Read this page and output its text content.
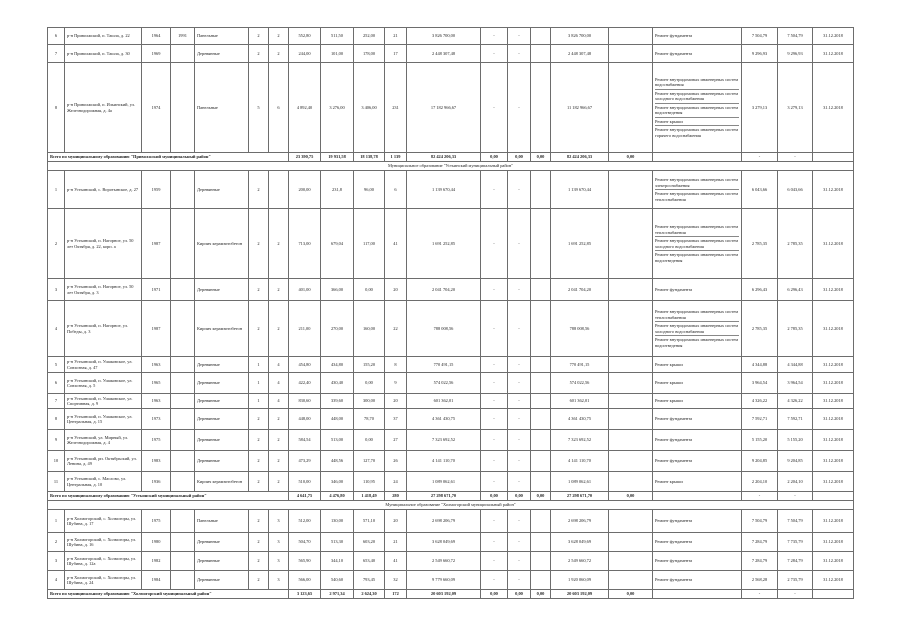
6	р-н Приволжский, п. Ташла, д. 22	1964	1991	Панельные	2	2	552,80	511,50	252,00	21	3 826 700,00	-	-		3 826 700,00		Ремонт фундамента	7 504,79	7 504,79	31.12.2018
7	р-н Приволжский, п. Ташла, д. 30	1969		Деревянные	2	2	244,00	101,00	178,00	17	2 448 307,48	-	-		2 448 307,48		Ремонт фундамента	9 296,93	9 296,93	31.12.2018
8	р-н Приволжский, п. Ильинский, ул. Железнодорожная, д. 4а	1974		Панельные	5	6	4 892,40	3 276,00	3 406,00	231	17 182 966,67	-	-		11 182 966,67		Ремонт внутридомовых инженерных систем водоснабжения
Ремонт внутридомовых инженерных систем холодного водоснабжения
Ремонт внутридомовых инженерных систем водоотведения
Ремонт крыши
Ремонт внутридомовых инженерных систем горячего водоснабжения	3 279,13	3 279,13	31.12.2018
Всего по муниципальному образованию "Приволжский муниципальный район"							23 390,75	19 931,58	18 138,78	1 139	82 424 206,33	0,00	0,00	0,00	82 424 206,33	0,00		-	-	
Муниципальное образование "Устьинский муниципальный район"																				
1	р-н Устьинский, с. Воротынское, д. 27	1959		Деревянные	2		200,00	231,8	96,00	6	1 139 670,44	-	-		1 139 670,44		Ремонт внутридомовых инженерных систем электроснабжения
Ремонт внутридомовых инженерных систем теплоснабжения	6 043,66	6 043,66	31.12.2018
2	р-н Устьинский, п. Нагорное, ул. 50 лет Октября, д. 22, корп. а	1987		Кирпич керамзитобетон	2	2	713,00	679,04	117,00	41	1 691 252,85	-	-		1 691 252,85		Ремонт внутридомовых инженерных систем теплоснабжения
Ремонт внутридомовых инженерных систем холодного водоснабжения
Ремонт внутридомовых инженерных систем водоотведения	2 785,35	2 785,35	31.12.2018
3	р-н Устьинский, п. Нагорное, ул. 50 лет Октября, д. 3	1971		Деревянные	2	2	401,00	366,00	0,00	20	2 041 704,20	-	-		2 041 704,20		Ремонт фундамента	6 296,43	6 296,43	31.12.2018
4	р-н Устьинский, п. Нагорное, ул. Победы, д. 3	1987		Кирпич керамзитобетон	2	2	211,00	270,00	160,00	22	788 008,56	-	-		788 008,56		Ремонт внутридомовых инженерных систем теплоснабжения
Ремонт внутридомовых инженерных систем холодного водоснабжения
Ремонт внутридомовых инженерных систем водоотведения	2 785,35	2 785,35	31.12.2018
5	р-н Устьинский, п. Ушаковское, ул. Совхозная, д. 47	1963		Деревянные	1	4	454,80	434,80	155,20	8	770 491,15	-	-		770 491,15		Ремонт крыши	4 344,88	4 344,88	31.12.2018
6	р-н Устьинский, п. Ушаковское, ул. Совхозная, д. 5	1965		Деревянные	1	4	422,40	430,40	0,00	9	574 022,56	-	-		574 022,56		Ремонт крыши	3 964,54	3 964,54	31.12.2018
7	р-н Устьинский, п. Ушаковское, ул. Спортивная, д. 9	1963		Деревянные	1	4	830,60	339,60	300,00	20	601 362,01	-	-		601 362,01		Ремонт крыши	4 326,22	4 326,22	31.12.2018
8	р-н Устьинский, п. Ушаковское, ул. Центральная, д. 15	1973		Деревянные	2	2	448,00	448,00	78,70	37	4 361 430,75	-	-		4 361 430,75		Ремонт фундамента	7 592,71	7 592,71	31.12.2018
9	р-н Устьинский, ул. Мирный, ул. Железнодорожная, д. 4	1975		Деревянные	2	2	584,54	513,00	0,00	27	7 323 692,52	-	-		7 323 692,52		Ремонт фундамента	5 155,20	5 155,20	31.12.2018
10	р-н Устьинский, рп. Октябрьский, ул. Ленина, д. 49	1983		Деревянные	2	2	473,29	448,56	127,70	26	4 141 110,70	-	-		4 141 110,70		Ремонт фундамента	9 204,85	9 204,85	31.12.2018
11	р-н Устьинский, с. Маслово, ул. Центральная, д. 10	1936		Кирпич керамзитобетон	2	2	510,00	346,00	110,95	24	1 089 062,61	-	-		1 089 062,61		Ремонт крыши	2 204,10	2 204,10	31.12.2018
Всего по муниципальному образованию "Устьинский муниципальный район"							4 641,75	4 476,80	1 418,49	280	27 298 671,70	0,00	0,00	0,00	27 298 671,70	0,00		-	-	
Муниципальное образование "Холмогорский муниципальный район"																				
1	р-н Холмогорский, с. Холмогоры, ул. Шубина, д. 17	1975		Панельные	2	3	512,00	130,00	571,10	20	2 698 206,79	-	-		2 698 206,79		Ремонт фундамента	7 504,79	7 504,79	31.12.2018
2	р-н Холмогорский, с. Холмогоры, ул. Шубина, д. 16	1980		Деревянные	2	3	504,70	513,30	603,20	21	3 628 049,69	-	-		3 628 049,69		Ремонт фундамента	7 284,79	7 735,79	31.12.2018
3	р-н Холмогорский, с. Холмогоры, ул. Шубина, д. 12а	1982		Деревянные	2	3	565,90	344,10	653,40	41	2 549 660,72	-	-		2 549 660,72		Ремонт фундамента	7 284,79	7 284,79	31.12.2018
4	р-н Холмогорский, с. Холмогоры, ул. Шубина, д. 24	1984		Деревянные	2	3	566,00	540,60	793,45	32	9 779 660,09	-	-		1 920 060,09		Ремонт фундамента	2 568,28	2 735,79	31.12.2018
Всего по муниципальному образованию "Холмогорский муниципальный район"							3 123,65	2 971,34	2 624,30	172	20 603 192,09	0,00	0,00	0,00	20 603 192,09	0,00		-	-	
